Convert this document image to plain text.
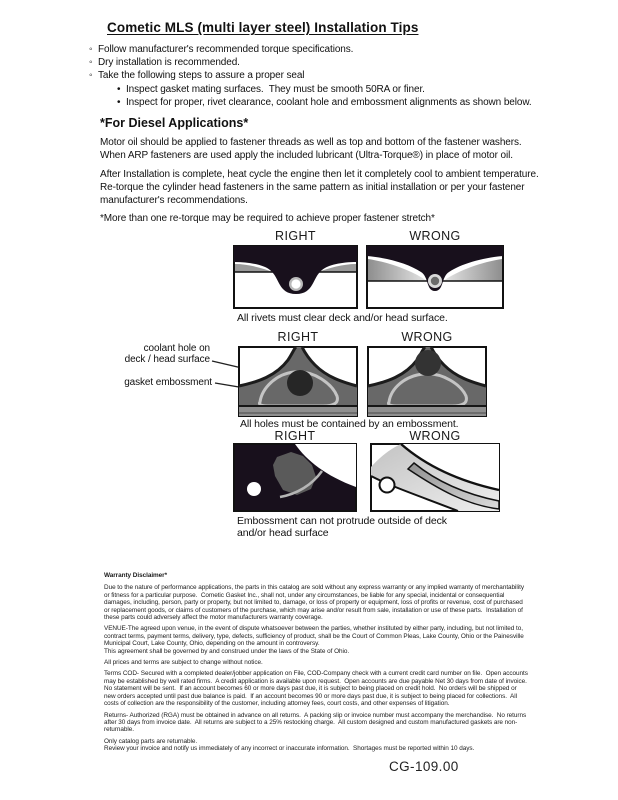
Cometic MLS (multi layer steel) Installation Tips
◦ Follow manufacturer's recommended torque specifications.
◦ Dry installation is recommended.
◦ Take the following steps to assure a proper seal
• Inspect gasket mating surfaces.  They must be smooth 50RA or finer.
• Inspect for proper, rivet clearance, coolant hole and embossment alignments as shown below.
*For Diesel Applications*

Motor oil should be applied to fastener threads as well as top and bottom of the fastener washers. When ARP fasteners are used apply the included lubricant (Ultra-Torque®) in place of motor oil.

After Installation is complete, heat cycle the engine then let it completely cool to ambient temperature. Re-torque the cylinder head fasteners in the same pattern as initial installation or per your fastener manufacturer's recommendations.

*More than one re-torque may be required to achieve proper fastener stretch*

RIGHT	WRONG
All rivets must clear deck and/or head surface.
RIGHT	WRONG
coolant hole on
deck / head surface
gasket embossment
All holes must be contained by an embossment.
RIGHT	WRONG
Embossment can not protrude outside of deck
and/or head surface

Warranty Disclaimer*

Due to the nature of performance applications, the parts in this catalog are sold without any express warranty or any implied warranty of merchantability or fitness for a particular purpose.  Cometic Gasket Inc., shall not, under any circumstances, be liable for any special, incidental or consequential damages, including, person, party or property, but not limited to, damage, or loss of property or equipment, loss of profits or revenue, cost of purchased or replacement goods, or claims of customers of the purchase, which may arise and/or result from sale, installation or use of these parts.  Installation of these parts could adversely affect the motor manufacturers warranty coverage.

VENUE-The agreed upon venue, in the event of dispute whatsoever between the parties, whether instituted by either party, including, but not limited to, contract terms, payment terms, delivery, type, defects, sufficiency of product, shall be the Court of Common Pleas, Lake County, Ohio or the Painesville Municipal Court, Lake County, Ohio, depending on the amount in controversy.

This agreement shall be governed by and construed under the laws of the State of Ohio.

All prices and terms are subject to change without notice.

Terms COD- Secured with a completed dealer/jobber application on File, COD-Company check with a current credit card number on file.  Open accounts may be established by well rated firms.  A credit application is available upon request.  Open accounts are due payable Net 30 days from date of invoice.  No statement will be sent.  If an account becomes 60 or more days past due, it is subject to being placed on credit hold.  No orders will be shipped or new orders accepted until past due balance is paid.  If an account becomes 90 or more days past due, it is subject to being placed for collections.  All costs of collection are the responsibility of the customer, including attorney fees, court costs, and other expenses of litigation.

Returns- Authorized (RGA) must be obtained in advance on all returns.  A packing slip or invoice number must accompany the merchandise.  No returns after 30 days from invoice date.  All returns are subject to a 25% restocking charge.  All custom designed and custom manufactured gaskets are non-returnable.

Only catalog parts are returnable.

Review your invoice and notify us immediately of any incorrect or inaccurate information.  Shortages must be reported within 10 days.

CG-109.00
